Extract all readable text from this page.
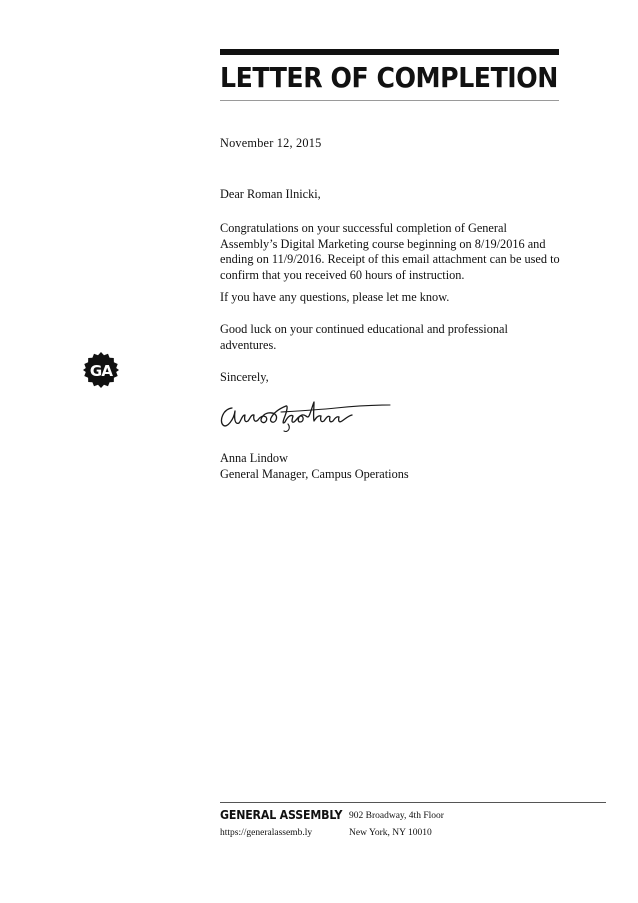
LETTER OF COMPLETION

November 12, 2015

Dear Roman Ilnicki,

Congratulations on your successful completion of General Assembly’s Digital Marketing course beginning on 8/19/2016 and ending on 11/9/2016. Receipt of this email attachment can be used to confirm that you received 60 hours of instruction.

If you have any questions, please let me know.

Good luck on your continued educational and professional adventures.

Sincerely,

GA

Anna Lindow

General Manager, Campus Operations

GENERAL ASSEMBLY
https://generalassemb.ly
902 Broadway, 4th Floor
New York, NY 10010
